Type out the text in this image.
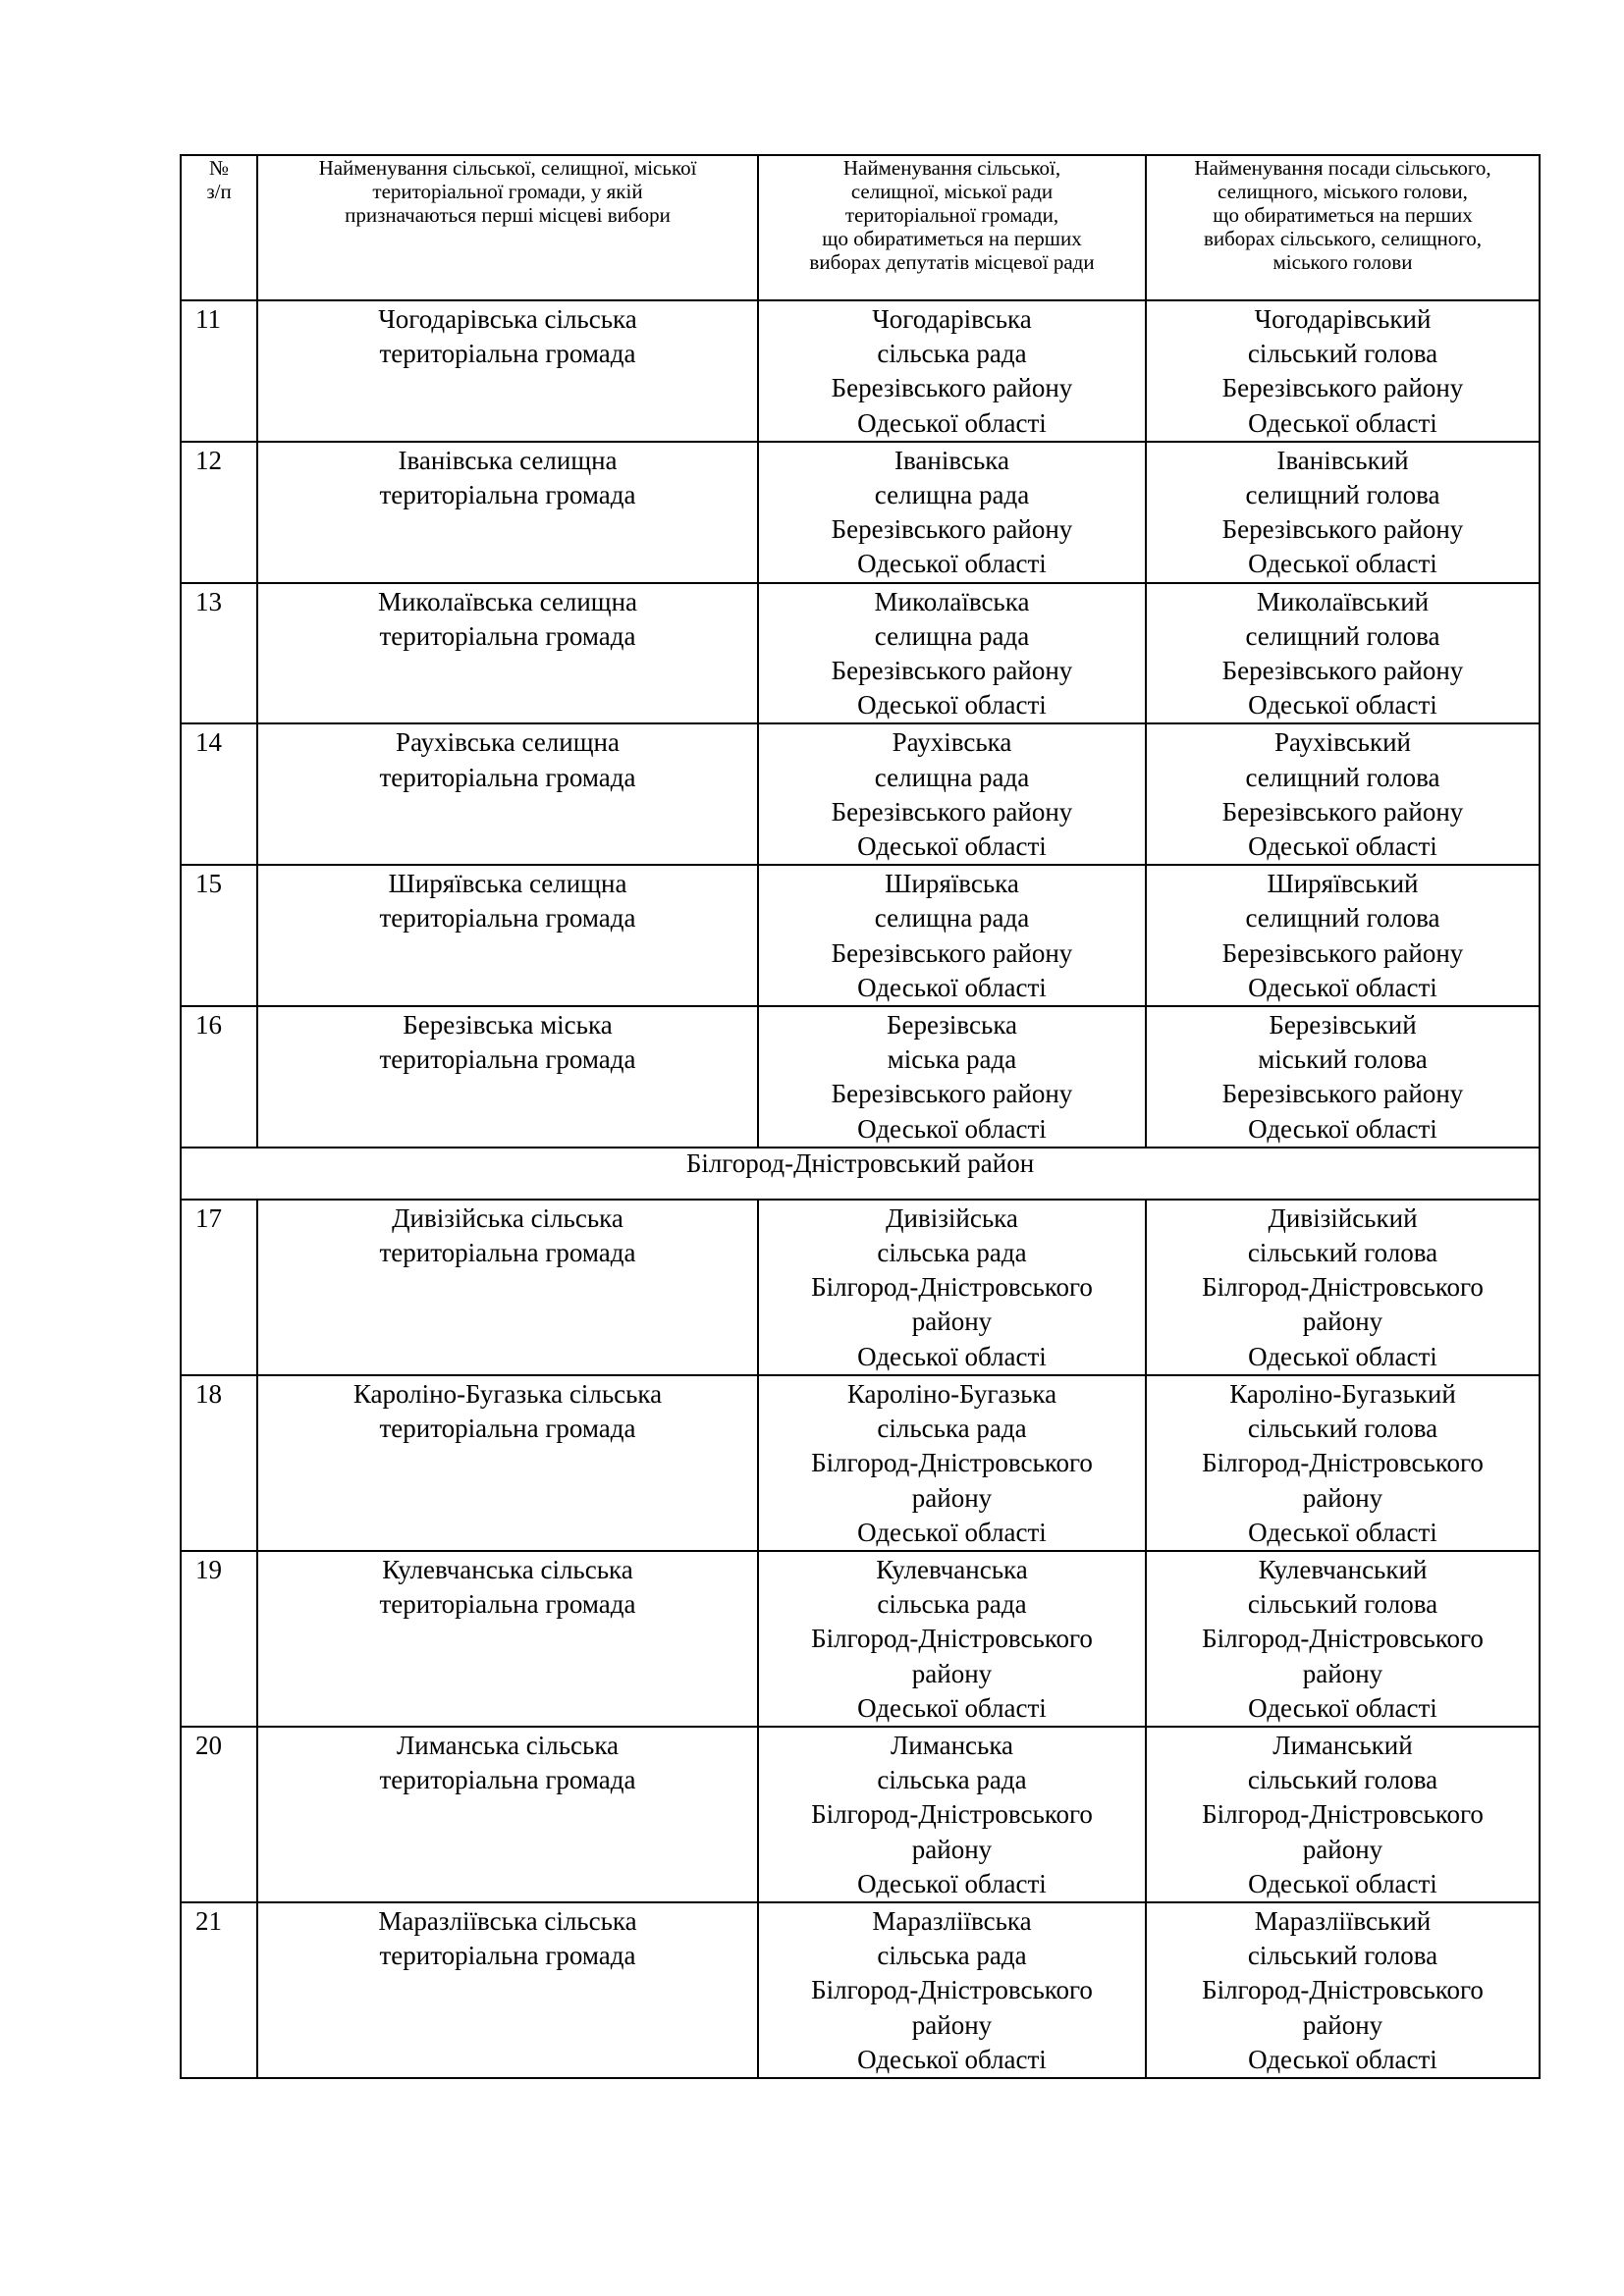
№
з/п	Найменування сільської, селищної, міської
територіальної громади, у якій
призначаються перші місцеві вибори	Найменування сільської,
селищної, міської ради
територіальної громади,
що обиратиметься на перших
виборах депутатів місцевої ради	Найменування посади сільського,
селищного, міського голови,
що обиратиметься на перших
виборах сільського, селищного,
міського голови

11	Чогодарівська сільська
територіальна громада	Чогодарівська
сільська рада
Березівського району
Одеської області	Чогодарівський
сільський голова
Березівського району
Одеської області

12	Іванівська селищна
територіальна громада	Іванівська
селищна рада
Березівського району
Одеської області	Іванівський
селищний голова
Березівського району
Одеської області

13	Миколаївська селищна
територіальна громада	Миколаївська
селищна рада
Березівського району
Одеської області	Миколаївський
селищний голова
Березівського району
Одеської області

14	Раухівська селищна
територіальна громада	Раухівська
селищна рада
Березівського району
Одеської області	Раухівський
селищний голова
Березівського району
Одеської області

15	Ширяївська селищна
територіальна громада	Ширяївська
селищна рада
Березівського району
Одеської області	Ширяївський
селищний голова
Березівського району
Одеської області

16	Березівська міська
територіальна громада	Березівська
міська рада
Березівського району
Одеської області	Березівський
міський голова
Березівського району
Одеської області

Білгород-Дністровський район			
17	Дивізійська сільська
територіальна громада	Дивізійська
сільська рада
Білгород-Дністровського
району
Одеської області	Дивізійський
сільський голова
Білгород-Дністровського
району
Одеської області

18	Кароліно-Бугазька сільська
територіальна громада	Кароліно-Бугазька
сільська рада
Білгород-Дністровського
району
Одеської області	Кароліно-Бугазький
сільський голова
Білгород-Дністровського
району
Одеської області

19	Кулевчанська сільська
територіальна громада	Кулевчанська
сільська рада
Білгород-Дністровського
району
Одеської області	Кулевчанський
сільський голова
Білгород-Дністровського
району
Одеської області

20	Лиманська сільська
територіальна громада	Лиманська
сільська рада
Білгород-Дністровського
району
Одеської області	Лиманський
сільський голова
Білгород-Дністровського
району
Одеської області

21	Маразліївська сільська
територіальна громада	Маразліївська
сільська рада
Білгород-Дністровського
району
Одеської області	Маразліївський
сільський голова
Білгород-Дністровського
району
Одеської області
